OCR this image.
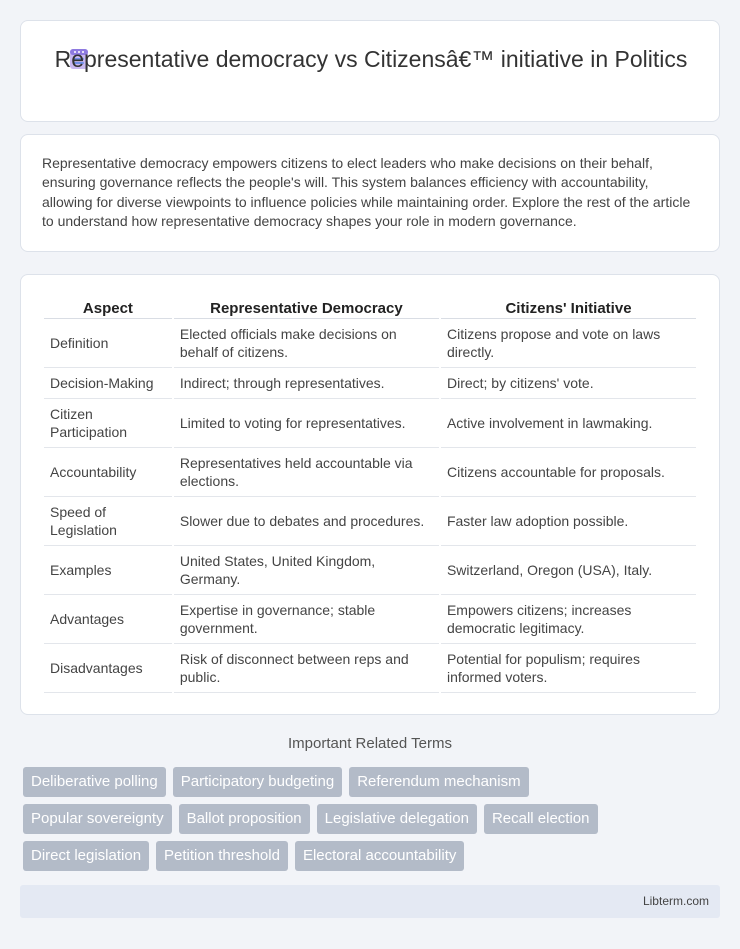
Representative democracy vs Citizensâ€™ initiative in Politics

Representative democracy empowers citizens to elect leaders who make decisions on their behalf, ensuring governance reflects the people's will. This system balances efficiency with accountability, allowing for diverse viewpoints to influence policies while maintaining order. Explore the rest of the article to understand how representative democracy shapes your role in modern governance.

Aspect	Representative Democracy	Citizens' Initiative
Definition	Elected officials make decisions on behalf of citizens.	Citizens propose and vote on laws directly.
Decision-Making	Indirect; through representatives.	Direct; by citizens' vote.
Citizen Participation	Limited to voting for representatives.	Active involvement in lawmaking.
Accountability	Representatives held accountable via elections.	Citizens accountable for proposals.
Speed of Legislation	Slower due to debates and procedures.	Faster law adoption possible.
Examples	United States, United Kingdom, Germany.	Switzerland, Oregon (USA), Italy.
Advantages	Expertise in governance; stable government.	Empowers citizens; increases democratic legitimacy.
Disadvantages	Risk of disconnect between reps and public.	Potential for populism; requires informed voters.
Important Related Terms
Deliberative polling	Participatory budgeting	Referendum mechanism
Popular sovereignty	Ballot proposition	Legislative delegation	Recall election
Direct legislation	Petition threshold	Electoral accountability
Libterm.com
